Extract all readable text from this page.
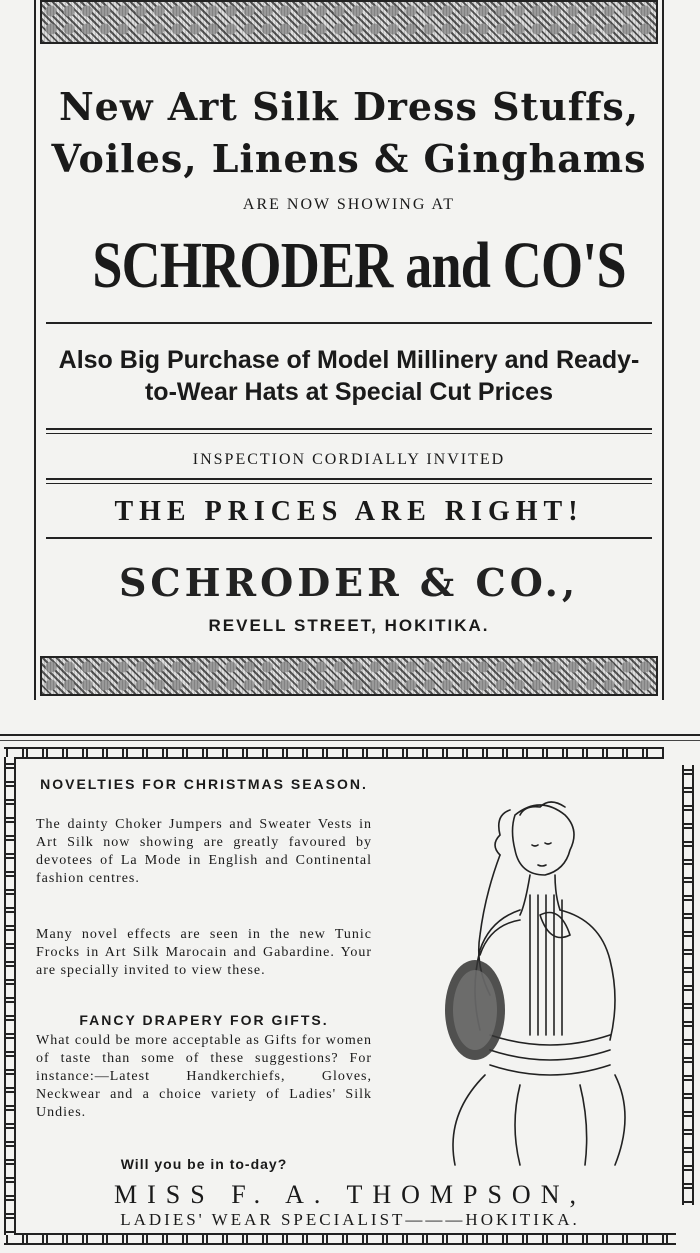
New Art Silk Dress Stuffs,
Voiles, Linens & Ginghams
ARE NOW SHOWING AT
SCHRODER and CO'S
Also Big Purchase of Model Millinery and Ready-to-Wear Hats at Special Cut Prices
INSPECTION CORDIALLY INVITED
THE PRICES ARE RIGHT!
SCHRODER & CO.,
REVELL STREET, HOKITIKA.
NOVELTIES FOR CHRISTMAS SEASON.
The dainty Choker Jumpers and Sweater Vests in Art Silk now showing are greatly favoured by devotees of La Mode in English and Continental fashion centres.
Many novel effects are seen in the new Tunic Frocks in Art Silk Marocain and Gabardine. Your are specially invited to view these.
FANCY DRAPERY FOR GIFTS.
What could be more acceptable as Gifts for women of taste than some of these suggestions? For instance:—Latest Handkerchiefs, Gloves, Neckwear and a choice variety of Ladies' Silk Undies.
Will you be in to-day?
MISS F. A. THOMPSON,
LADIES' WEAR SPECIALIST———HOKITIKA.
